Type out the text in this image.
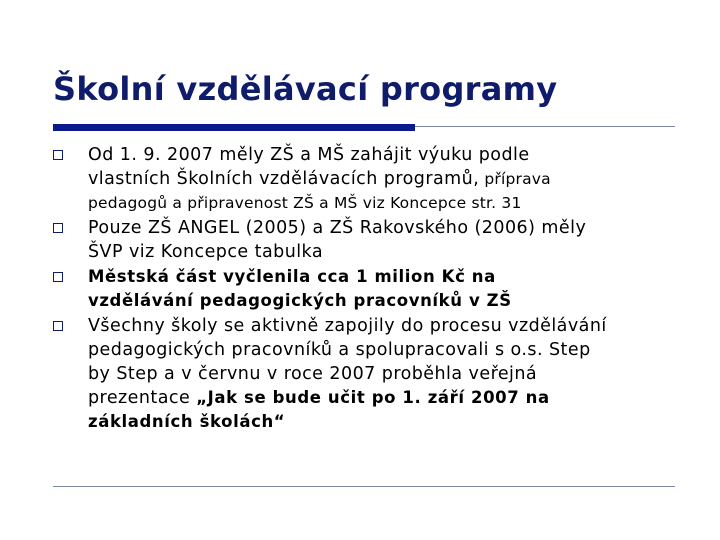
Školní vzdělávací programy
Od 1. 9. 2007 měly ZŠ a MŠ zahájit výuku podle
vlastních Školních vzdělávacích programů, příprava
pedagogů a připravenost ZŠ a MŠ viz Koncepce str. 31
Pouze ZŠ ANGEL (2005) a ZŠ Rakovského (2006) měly
ŠVP viz Koncepce tabulka
Městská část vyčlenila cca 1 milion Kč na
vzdělávání pedagogických pracovníků v ZŠ
Všechny školy se aktivně zapojily do procesu vzdělávání
pedagogických pracovníků a spolupracovali s o.s. Step
by Step a v červnu v roce 2007 proběhla veřejná
prezentace „Jak se bude učit po 1. září 2007 na
základních školách“
